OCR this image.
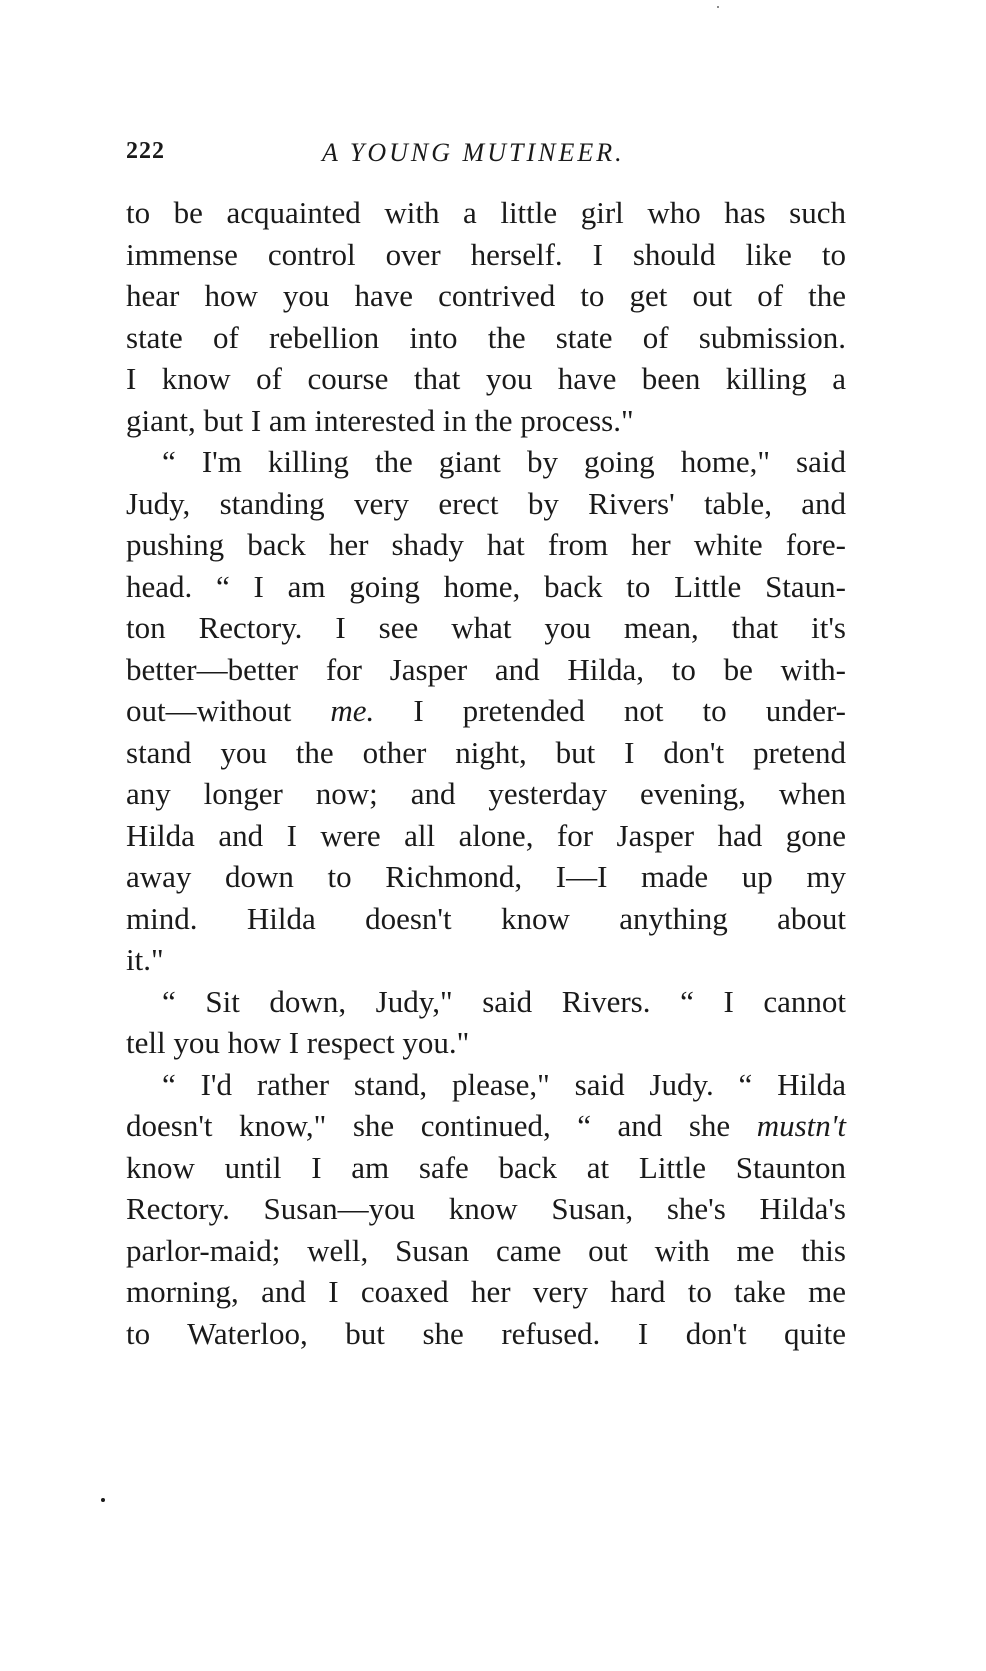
222	A YOUNG MUTINEER.
to be acquainted with a little girl who has such
immense control over herself. I should like to
hear how you have contrived to get out of the
state of rebellion into the state of submission.
I know of course that you have been killing a
giant, but I am interested in the process."
“ I'm killing the giant by going home," said
Judy, standing very erect by Rivers' table, and
pushing back her shady hat from her white fore-
head. “ I am going home, back to Little Staun-
ton Rectory. I see what you mean, that it's
better—better for Jasper and Hilda, to be with-
out—without me. I pretended not to under-
stand you the other night, but I don't pretend
any longer now; and yesterday evening, when
Hilda and I were all alone, for Jasper had gone
away down to Richmond, I—I made up my
mind. Hilda doesn't know anything about
it."
“ Sit down, Judy," said Rivers. “ I cannot
tell you how I respect you."
“ I'd rather stand, please," said Judy. “ Hilda
doesn't know," she continued, “ and she mustn't
know until I am safe back at Little Staunton
Rectory. Susan—you know Susan, she's Hilda's
parlor-maid; well, Susan came out with me this
morning, and I coaxed her very hard to take me
to Waterloo, but she refused. I don't quite
